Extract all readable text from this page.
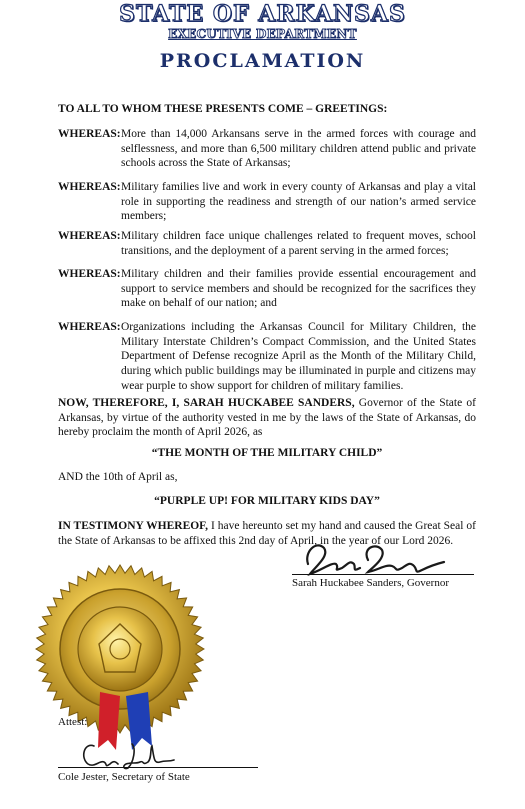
STATE OF ARKANSAS
EXECUTIVE DEPARTMENT
PROCLAMATION
TO ALL TO WHOM THESE PRESENTS COME – GREETINGS:
WHEREAS: More than 14,000 Arkansans serve in the armed forces with courage and selflessness, and more than 6,500 military children attend public and private schools across the State of Arkansas;
WHEREAS: Military families live and work in every county of Arkansas and play a vital role in supporting the readiness and strength of our nation’s armed service members;
WHEREAS: Military children face unique challenges related to frequent moves, school transitions, and the deployment of a parent serving in the armed forces;
WHEREAS: Military children and their families provide essential encouragement and support to service members and should be recognized for the sacrifices they make on behalf of our nation; and
WHEREAS: Organizations including the Arkansas Council for Military Children, the Military Interstate Children’s Compact Commission, and the United States Department of Defense recognize April as the Month of the Military Child, during which public buildings may be illuminated in purple and citizens may wear purple to show support for children of military families.
NOW, THEREFORE, I, SARAH HUCKABEE SANDERS, Governor of the State of Arkansas, by virtue of the authority vested in me by the laws of the State of Arkansas, do hereby proclaim the month of April 2026, as
“THE MONTH OF THE MILITARY CHILD”
AND the 10th of April as,
“PURPLE UP! FOR MILITARY KIDS DAY”
IN TESTIMONY WHEREOF, I have hereunto set my hand and caused the Great Seal of the State of Arkansas to be affixed this 2nd day of April, in the year of our Lord 2026.
Sarah Huckabee Sanders, Governor
Attest:
Cole Jester, Secretary of State
